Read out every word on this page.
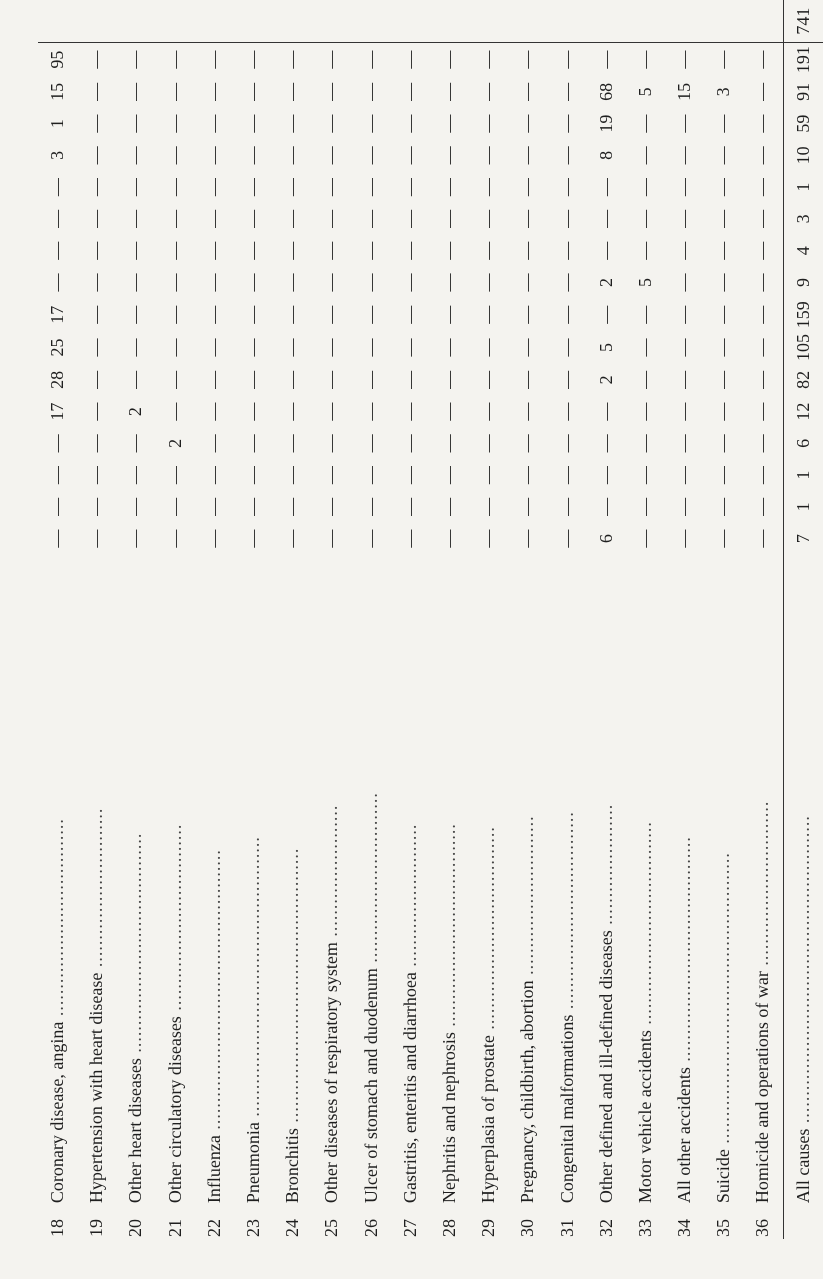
18	Coronary disease, angina ....................................	—	—	—	—	17	28	25	17	—	—	—	—	3	1	15	95	
19	Hypertension with heart disease .............................	—	—	—	—	—	—	—	—	—	—	—	—	—	—	—	—	
20	Other heart diseases ........................................	—	—	—	—	2	—	—	—	—	—	—	—	—	—	—	—	
21	Other circulatory diseases ..................................	—	—	—	2	—	—	—	—	—	—	—	—	—	—	—	—	
22	Influenza ...................................................	—	—	—	—	—	—	—	—	—	—	—	—	—	—	—	—	
23	Pneumonia ...................................................	—	—	—	—	—	—	—	—	—	—	—	—	—	—	—	—	
24	Bronchitis ..................................................	—	—	—	—	—	—	—	—	—	—	—	—	—	—	—	—	
25	Other diseases of respiratory system ........................	—	—	—	—	—	—	—	—	—	—	—	—	—	—	—	—	
26	Ulcer of stomach and duodenum ...............................	—	—	—	—	—	—	—	—	—	—	—	—	—	—	—	—	
27	Gastritis, enteritis and diarrhoea ..........................	—	—	—	—	—	—	—	—	—	—	—	—	—	—	—	—	
28	Nephritis and nephrosis .....................................	—	—	—	—	—	—	—	—	—	—	—	—	—	—	—	—	
29	Hyperplasia of prostate .....................................	—	—	—	—	—	—	—	—	—	—	—	—	—	—	—	—	
30	Pregnancy, childbirth, abortion .............................	—	—	—	—	—	—	—	—	—	—	—	—	—	—	—	—	
31	Congenital malformations ....................................	—	—	—	—	—	—	—	—	—	—	—	—	—	—	—	—	
32	Other defined and ill-defined diseases ......................	6	—	—	—	—	2	5	—	2	—	—	—	8	19	68	—	
33	Motor vehicle accidents .....................................	—	—	—	—	—	—	—	—	5	—	—	—	—	—	5	—	
34	All other accidents .........................................	—	—	—	—	—	—	—	—	—	—	—	—	—	—	15	—	
35	Suicide .....................................................	—	—	—	—	—	—	—	—	—	—	—	—	—	—	3	—	
36	Homicide and operations of war ..............................	—	—	—	—	—	—	—	—	—	—	—	—	—	—	—	—	
	All causes ........................................................	7	1	1	6	12	82	105	159	9	4	3	1	10	59	91	191	741
